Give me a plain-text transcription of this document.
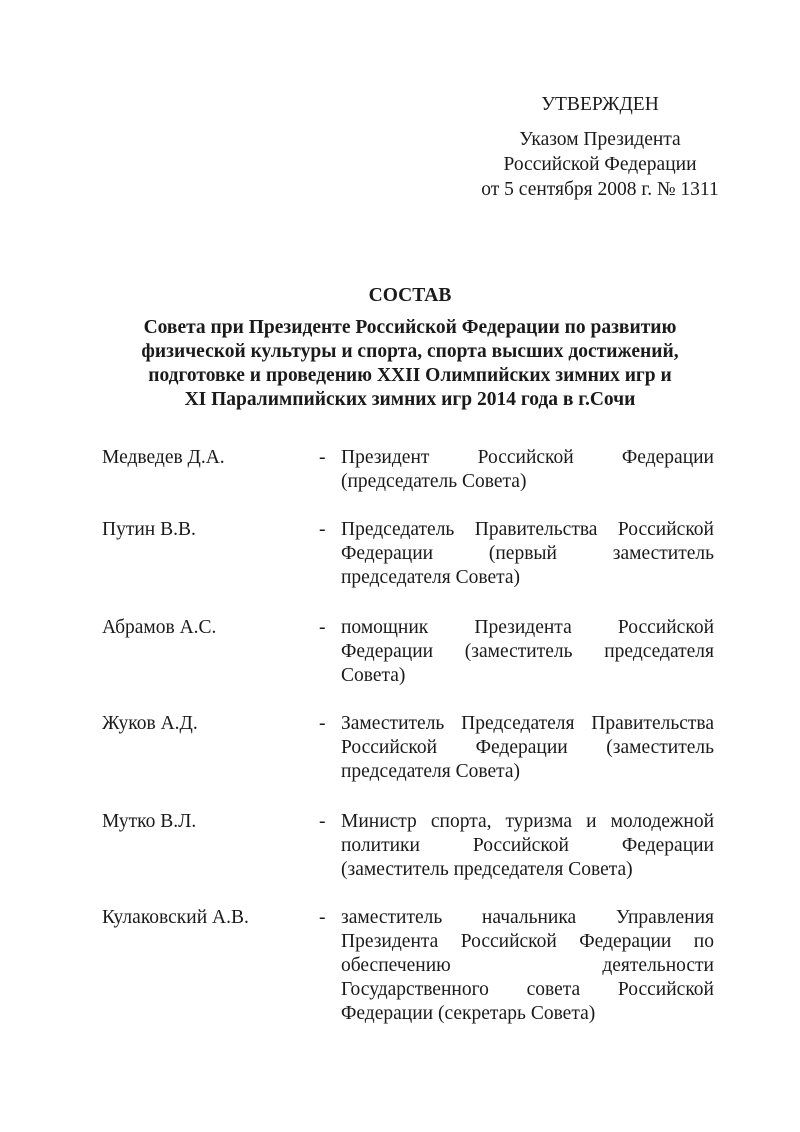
УТВЕРЖДЕН
Указом Президента
Российской Федерации
от 5 сентября 2008 г. № 1311
СОСТАВ
Совета при Президенте Российской Федерации по развитию
физической культуры и спорта, спорта высших достижений,
подготовке и проведению XXII Олимпийских зимних игр и
XI Паралимпийских зимних игр 2014 года в г.Сочи
Медведев Д.А.	- Президент Российской Федерации (председатель Совета)
Путин В.В.	- Председатель Правительства Российской Федерации (первый заместитель председателя Совета)
Абрамов А.С.	- помощник Президента Российской Федерации (заместитель председателя Совета)
Жуков А.Д.	- Заместитель Председателя Правительства Российской Федерации (заместитель председателя Совета)
Мутко В.Л.	- Министр спорта, туризма и молодежной политики Российской Федерации (заместитель председателя Совета)
Кулаковский А.В.	- заместитель начальника Управления Президента Российской Федерации по обеспечению деятельности Государственного совета Российской Федерации (секретарь Совета)
